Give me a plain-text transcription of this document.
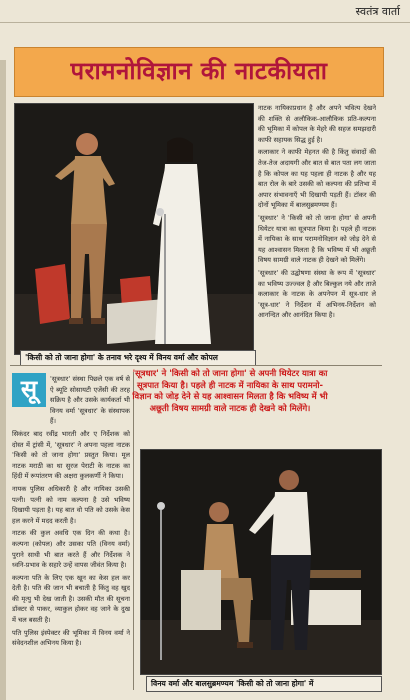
स्वतंत्र वार्ता
परामनोविज्ञान की नाटकीयता
'किसी को तो जाना होगा' के तनाव भरे दृश्य में विनय वर्मा और कोपल

नाटक नायिकाप्रधान है और अपने भवित्य देखने की शक्ति से अलौकिक-आलौकिक प्रति-कल्पना की भूमिका में कोपल के मेहरे की सहज समझदारी काफी सहायक सिद्ध हुई है।

कलाकार ने काफी मेहनत की है किंतु संवादों की तेज-तेज अदायगी और बात से बात पता लग जाता है कि कोपल का यह पहला ही नाटक है और यह बात रोल के बारे उसकी को कल्पना की प्रतिभा में अपार संभावनाएँ भी दिखायी पड़ती हैं। टॉकर की दोनों भूमिका में बालसुब्रमण्यम हैं।

'सूत्रधार' ने 'किसी को तो जाना होगा' से अपनी थियेटर यात्रा का सूत्रपात किया है। पहले ही नाटक में नायिका के साथ परामनोविज्ञान को जोड़ देने से यह आश्वासन मिलता है कि भविष्य में भी अछूती विषय सामग्री वाले नाटक ही देखने को मिलेंगे।

'सूत्रधार' की उद्घोषणा संस्था के रूप में 'सूत्रधार' का भविष्य उज्ज्वल है और बिल्कुल नये और ताजे कलाकार के नाटक के अपनेपन में सूत्र-धार ले 'सूत्र-धार' ने निर्देशन में अभिनय-निर्देशन को आनन्दित और आनंदित किया है।

सू	'सूत्रधार' संस्था पिछले एक वर्ष से ऐ ब्यूटि सोसायटी एजेंसी की तरह सक्रिय है और उसके कार्यकर्ता भी विनय वर्मा 'सूत्रधार' के संस्थापक हैं।

सिकंदर बाद रवींद्र भारती और ए निर्देशक को दोस्त में ट्रांसी में, 'सूत्रधार' ने अपना पहला नाटक 'किसी को तो जाना होगा' प्रस्तुत किया। मूल नाटक मराठी का था सुरज पेराटी के नाटक का हिंदी में रूपांतरण की अक्षरा कुलकर्णी ने किया।

नायक पुलिस अधिकारी है और नायिका उसकी पत्नी। पत्नी को नाम कल्पना है उसे भविष्य दिखायी पड़ता है। यह बात वो पति को उसके केस हल करने में मदद करती है।

नाटक की कुल अवधि एक दिन की कथा है। कल्पना (कोपल) और उसका पति (विनय वर्मा) पुराने साथी भी बात करते हैं और निर्देशक ने ध्वनि-प्रभाव के सहारे उन्हें वापस जीवंत किया है।

कल्पना पति के लिए एक खून का केस हल कर देती है। पति की जान भी बचाती है किंतु वह खुद की मृत्यु भी देख जाती है। उसकी मौत की सूचना डॉक्टर से पाकर, व्याकुल होकर वह जाने के दुख में चल बसती है।

पति पुलिस इंस्पेक्टर की भूमिका में विनय वर्मा ने संवेदनशील अभिनय किया है।

'सूत्रधार' ने 'किसी को तो जाना होगा' से अपनी थियेटर यात्रा का सूत्रपात किया है। पहले ही नाटक में नायिका के साथ परामनो-विज्ञान को जोड़ देने से यह आश्वासन मिलता है कि भविष्य में भी अछूती विषय सामग्री वाले नाटक ही देखने को मिलेंगे।
विनय वर्मा और बालसुब्रमण्यम 'किसी को तो जाना होगा' में
